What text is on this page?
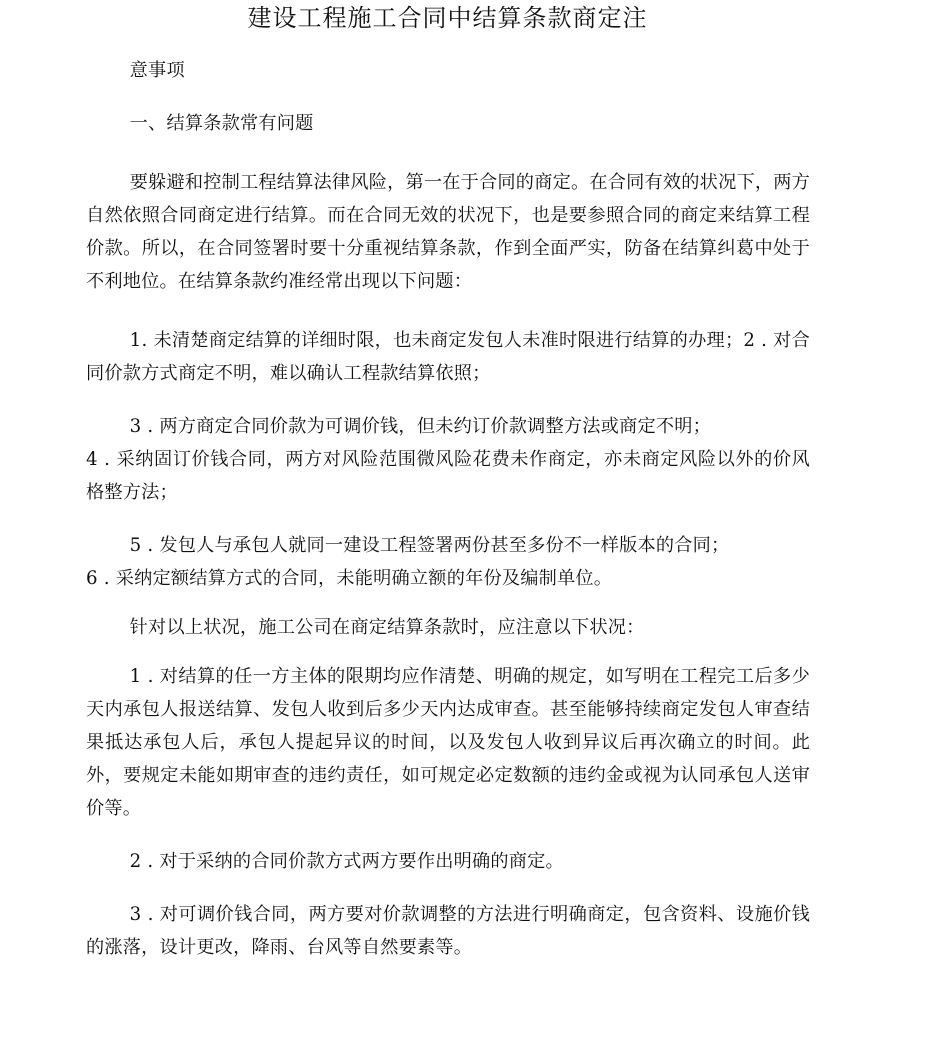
建设工程施工合同中结算条款商定注

意事项

一、结算条款常有问题

要躲避和控制工程结算法律风险，第一在于合同的商定。在合同有效的状况下，两方自然依照合同商定进行结算。而在合同无效的状况下，也是要参照合同的商定来结算工程价款。所以，在合同签署时要十分重视结算条款，作到全面严实，防备在结算纠葛中处于不利地位。在结算条款约准经常出现以下问题：

1. 未清楚商定结算的详细时限，也未商定发包人未准时限进行结算的办理；2 . 对合同价款方式商定不明，难以确认工程款结算依照；

3 . 两方商定合同价款为可调价钱，但未约订价款调整方法或商定不明；

4 . 采纳固订价钱合同，两方对风险范围微风险花费未作商定，亦未商定风险以外的价风格整方法；

5 . 发包人与承包人就同一建设工程签署两份甚至多份不一样版本的合同；

6 . 采纳定额结算方式的合同，未能明确立额的年份及编制单位。

针对以上状况，施工公司在商定结算条款时，应注意以下状况：

1 . 对结算的任一方主体的限期均应作清楚、明确的规定，如写明在工程完工后多少天内承包人报送结算、发包人收到后多少天内达成审查。甚至能够持续商定发包人审查结果抵达承包人后，承包人提起异议的时间，以及发包人收到异议后再次确立的时间。此外，要规定未能如期审查的违约责任，如可规定必定数额的违约金或视为认同承包人送审价等。

2 . 对于采纳的合同价款方式两方要作出明确的商定。

3 . 对可调价钱合同，两方要对价款调整的方法进行明确商定，包含资料、设施价钱的涨落，设计更改，降雨、台风等自然要素等。
